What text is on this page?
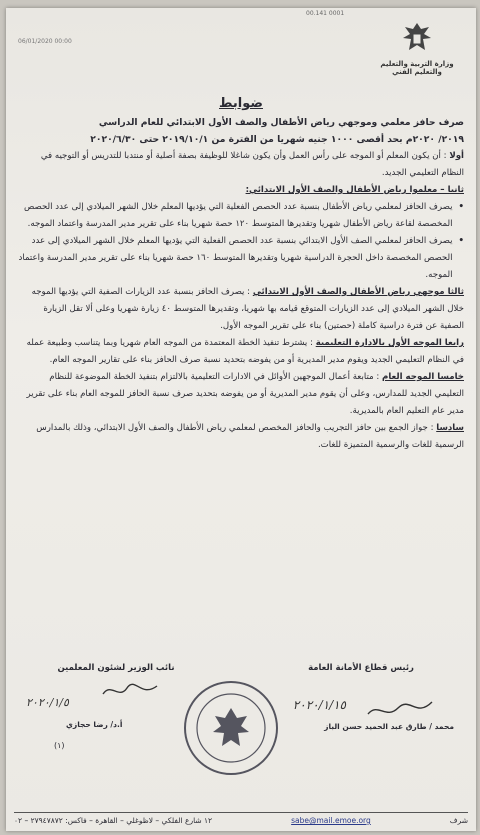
00.141 0001
06/01/2020 00:00
وزارة التربية والتعليم والتعليم الفني
ضوابط

صرف حافز معلمي وموجهي رياض الأطفال والصف الأول الابتدائي للعام الدراسي

٢٠١٩/ ٢٠٢٠م بحد أقصى ١٠٠٠ جنيه شهريا من الفترة من ٢٠١٩/١٠/١ حتى ٢٠٢٠/٦/٣٠

أولا : أن يكون المعلم أو الموجه على رأس العمل وأن يكون شاغلا للوظيفة بصفة أصلية أو منتدبا للتدريس أو التوجيه في النظام التعليمي الجديد.

ثانيا – معلموا رياض الأطفال والصف الأول الابتدائي:

•
يصرف الحافز لمعلمي رياض الأطفال بنسبة عدد الحصص الفعلية التي يؤديها المعلم خلال الشهر الميلادي إلى عدد الحصص المخصصة لقاعة رياض الأطفال شهريا وتقديرها المتوسط ١٢٠ حصة شهريا بناء على تقرير مدير المدرسة واعتماد الموجه.
•
يصرف الحافز لمعلمي الصف الأول الابتدائي بنسبة عدد الحصص الفعلية التي يؤديها المعلم خلال الشهر الميلادي إلى عدد الحصص المخصصة داخل الحجرة الدراسية شهريا وتقديرها المتوسط ١٦٠ حصة شهريا بناء على تقرير مدير المدرسة واعتماد الموجه.

ثالثا موجهي رياض الأطفال والصف الأول الابتدائي : يصرف الحافز بنسبة عدد الزيارات الصفية التي يؤديها الموجه خلال الشهر الميلادي إلى عدد الزيارات المتوقع قيامه بها شهريا، وتقديرها المتوسط ٤٠ زيارة شهريا وعلى ألا تقل الزيارة الصفية عن فترة دراسية كاملة (حصتين) بناء على تقرير الموجه الأول.

رابعا الموجه الأول بالادارة التعليمية : يشترط تنفيذ الخطة المعتمدة من الموجه العام شهريا وبما يتناسب وطبيعة عمله في النظام التعليمي الجديد ويقوم مدير المديرية أو من يفوضه بتحديد نسبة صرف الحافز بناء على تقارير الموجه العام.

خامسا الموجه العام : متابعة أعمال الموجهين الأوائل في الادارات التعليمية بالالتزام بتنفيذ الخطة الموضوعة للنظام التعليمي الجديد للمدارس، وعلى أن يقوم مدير المديرية أو من يفوضه بتحديد صرف نسبة الحافز للموجه العام بناء على تقرير مدير عام التعليم العام بالمديرية.

سادسا : جواز الجمع بين حافز التجريب والحافز المخصص لمعلمي رياض الأطفال والصف الأول الابتدائي، وذلك بالمدارس الرسمية للغات والرسمية المتميزة للغات.

رئيس قطاع الأمانة العامة
نائب الوزير لشئون المعلمين
٢٠٢٠/١/١٥
٢٠٢٠/١/٥
محمد / طارق عبد الحميد حسن الباز
أ.د/ رضا حجازي
(١)
شرف
sabe@mail.emoe.org
١٢ شارع الفلكي – لاظوغلي – القاهرة – فاكس: ٢٧٩٤٧٨٧٢ – ٠٢
